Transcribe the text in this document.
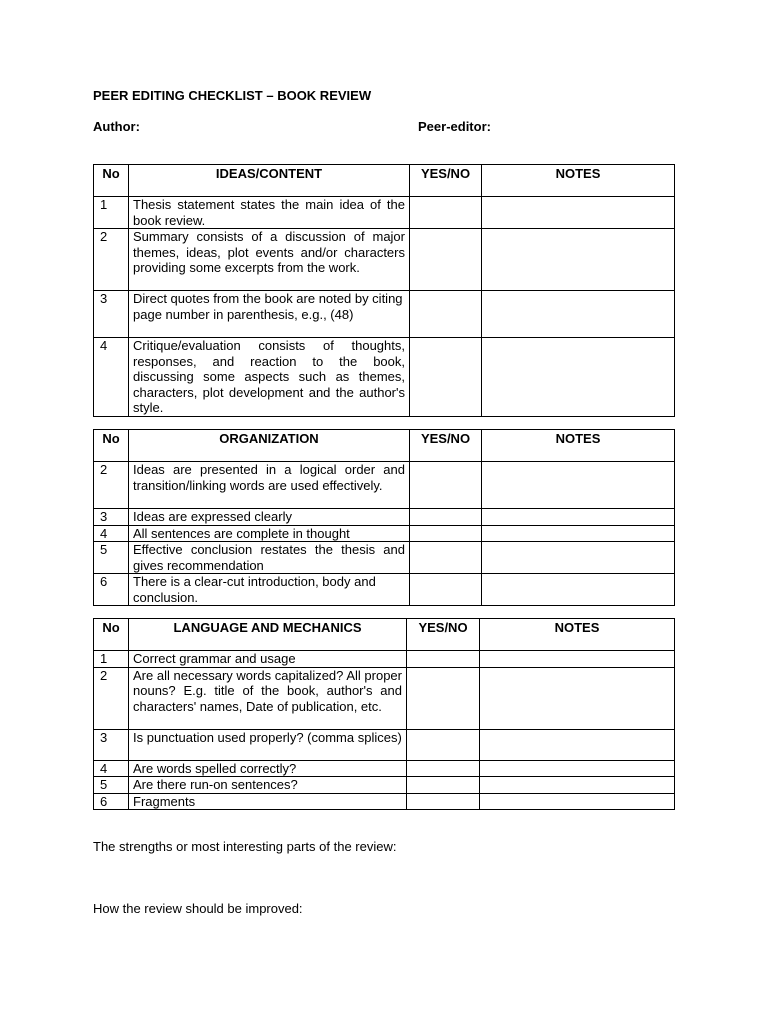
PEER EDITING CHECKLIST – BOOK REVIEW
Author:	Peer-editor:
No	IDEAS/CONTENT	YES/NO	NOTES
1	Thesis statement states the main idea of the book review.		
2	Summary consists of a discussion of major themes, ideas, plot events and/or characters providing some excerpts from the work.		
3	Direct quotes from the book are noted by citing page number in parenthesis, e.g., (48)		
4	Critique/evaluation consists of thoughts, responses, and reaction to the book, discussing some aspects such as themes, characters, plot development and the author's style.		
No	ORGANIZATION	YES/NO	NOTES
2	Ideas are presented in a logical order and transition/linking words are used effectively.		
3	Ideas are expressed clearly		
4	All sentences are complete in thought		
5	Effective conclusion restates the thesis and gives recommendation		
6	There is a clear-cut introduction, body and conclusion.		
No	LANGUAGE AND MECHANICS	YES/NO	NOTES
1	Correct grammar and usage		
2	Are all necessary words capitalized? All proper nouns? E.g. title of the book, author's and characters' names, Date of publication, etc.		
3	Is punctuation used properly? (comma splices)		
4	Are words spelled correctly?		
5	Are there run-on sentences?		
6	Fragments		
The strengths or most interesting parts of the review:
How the review should be improved:
